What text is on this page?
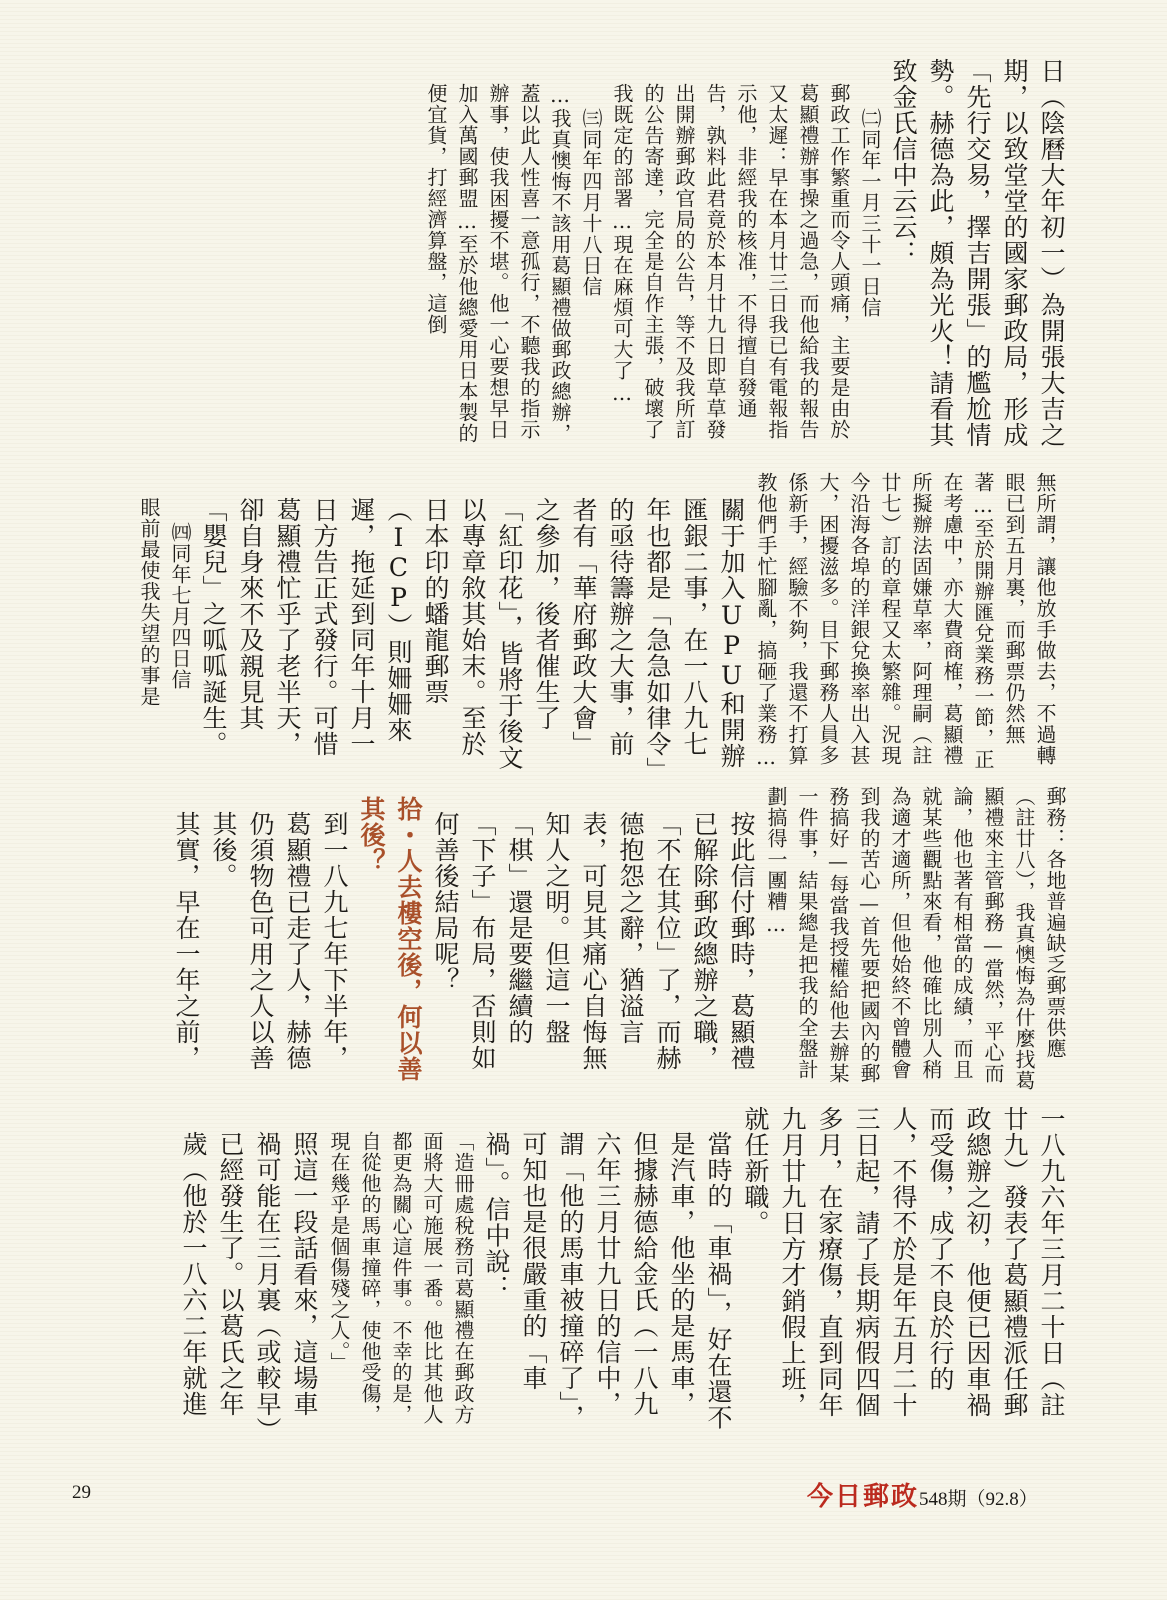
日（陰曆大年初一）為開張大吉之期，以致堂堂的國家郵政局，形成「先行交易，擇吉開張」的尷尬情勢。赫德為此，頗為光火！請看其致金氏信中云云：

㈡同年一月三十一日信

郵政工作繁重而令人頭痛，主要是由於葛顯禮辦事操之過急，而他給我的報告又太遲：早在本月廿三日我已有電報指示他，非經我的核准，不得擅自發通告，孰料此君竟於本月廿九日即草草發出開辦郵政官局的公告，等不及我所訂的公告寄達，完全是自作主張，破壞了我既定的部署…現在麻煩可大了…

㈢同年四月十八日信

…我真懊悔不該用葛顯禮做郵政總辦，蓋以此人性喜一意孤行，不聽我的指示辦事，使我困擾不堪。他一心要想早日加入萬國郵盟…至於他總愛用日本製的便宜貨，打經濟算盤，這倒

無所謂，讓他放手做去，不過轉眼已到五月裏，而郵票仍然無著…至於開辦匯兌業務一節，正在考慮中，亦大費商榷，葛顯禮所擬辦法固嫌草率，阿理嗣（註廿七）訂的章程又太繁雜。況現今沿海各埠的洋銀兌換率出入甚大，困擾滋多。目下郵務人員多係新手，經驗不夠，我還不打算教他們手忙腳亂，搞砸了業務…

關于加入UPU和開辦匯銀二事，在一八九七年也都是「急急如律令」的亟待籌辦之大事，前者有「華府郵政大會」之參加，後者催生了「紅印花」，皆將于後文以專章敘其始末。至於日本印的蟠龍郵票（ICP）則姍姍來遲，拖延到同年十月一日方告正式發行。可惜葛顯禮忙乎了老半天，卻自身來不及親見其「嬰兒」之呱呱誕生。

㈣同年七月四日信

眼前最使我失望的事是

郵務：各地普遍缺乏郵票供應（註廿八），我真懊悔為什麼找葛顯禮來主管郵務—當然，平心而論，他也著有相當的成績，而且就某些觀點來看，他確比別人稍為適才適所，但他始終不曾體會到我的苦心—首先要把國內的郵務搞好—每當我授權給他去辦某一件事，結果總是把我的全盤計劃搞得一團糟…

按此信付郵時，葛顯禮已解除郵政總辦之職，「不在其位」了，而赫德抱怨之辭，猶溢言表，可見其痛心自悔無知人之明。但這一盤「棋」還是要繼續的「下子」布局，否則如何善後結局呢？

拾・人去樓空後，何以善其後？

到一八九七年下半年，葛顯禮已走了人，赫德仍須物色可用之人以善其後。

其實，早在一年之前，

一八九六年三月二十日（註廿九）發表了葛顯禮派任郵政總辦之初，他便已因車禍而受傷，成了不良於行的人，不得不於是年五月二十三日起，請了長期病假四個多月，在家療傷，直到同年九月廿九日方才銷假上班，就任新職。

當時的「車禍」，好在還不是汽車，他坐的是馬車，但據赫德給金氏（一八九六年三月廿九日的信中，謂「他的馬車被撞碎了」，可知也是很嚴重的「車禍」。信中說：

「造冊處稅務司葛顯禮在郵政方面將大可施展一番。他比其他人都更為關心這件事。不幸的是，自從他的馬車撞碎，使他受傷，現在幾乎是個傷殘之人。」

照這一段話看來，這場車禍可能在三月裏（或較早）已經發生了。以葛氏之年歲（他於一八六二年就進

29	今日郵政548期（92.8）
